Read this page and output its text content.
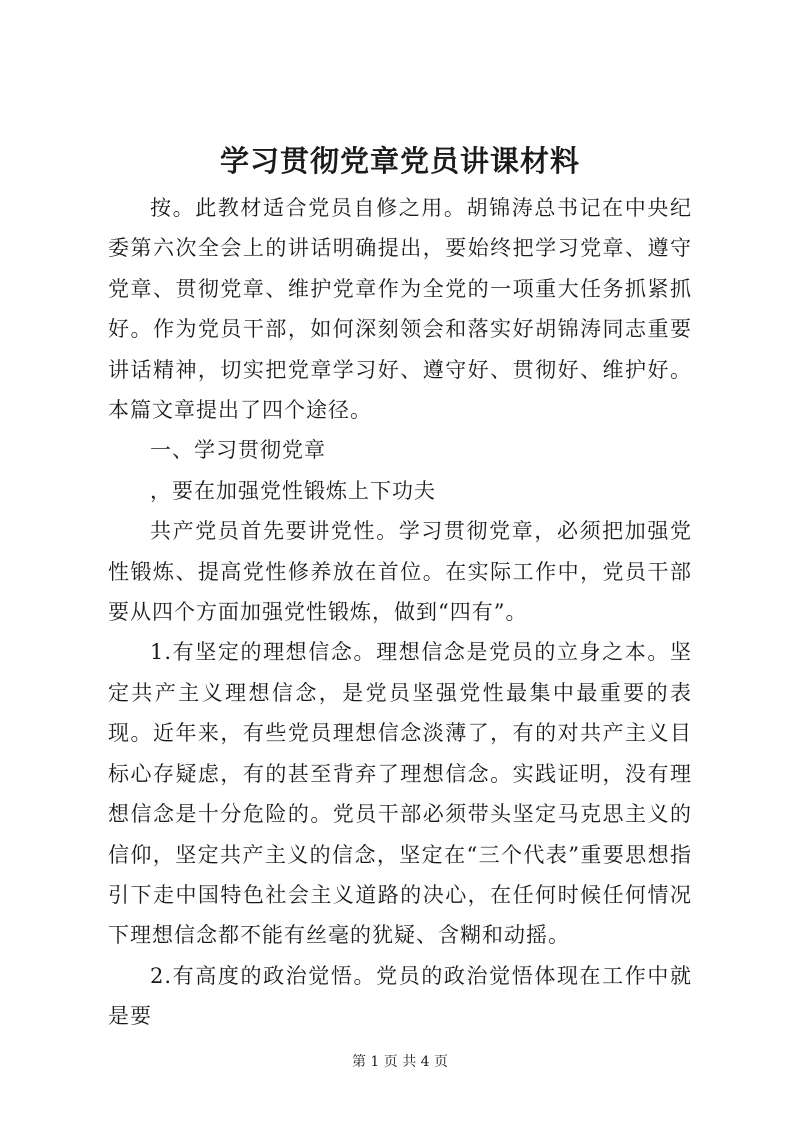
学习贯彻党章党员讲课材料

按。此教材适合党员自修之用。胡锦涛总书记在中央纪委第六次全会上的讲话明确提出，要始终把学习党章、遵守党章、贯彻党章、维护党章作为全党的一项重大任务抓紧抓好。作为党员干部，如何深刻领会和落实好胡锦涛同志重要讲话精神，切实把党章学习好、遵守好、贯彻好、维护好。本篇文章提出了四个途径。

一、学习贯彻党章

，要在加强党性锻炼上下功夫

共产党员首先要讲党性。学习贯彻党章，必须把加强党性锻炼、提高党性修养放在首位。在实际工作中，党员干部要从四个方面加强党性锻炼，做到“四有”。

1.有坚定的理想信念。理想信念是党员的立身之本。坚定共产主义理想信念，是党员坚强党性最集中最重要的表现。近年来，有些党员理想信念淡薄了，有的对共产主义目标心存疑虑，有的甚至背弃了理想信念。实践证明，没有理想信念是十分危险的。党员干部必须带头坚定马克思主义的信仰，坚定共产主义的信念，坚定在“三个代表”重要思想指引下走中国特色社会主义道路的决心，在任何时候任何情况下理想信念都不能有丝毫的犹疑、含糊和动摇。

2.有高度的政治觉悟。党员的政治觉悟体现在工作中就是要

第 1 页 共 4 页
